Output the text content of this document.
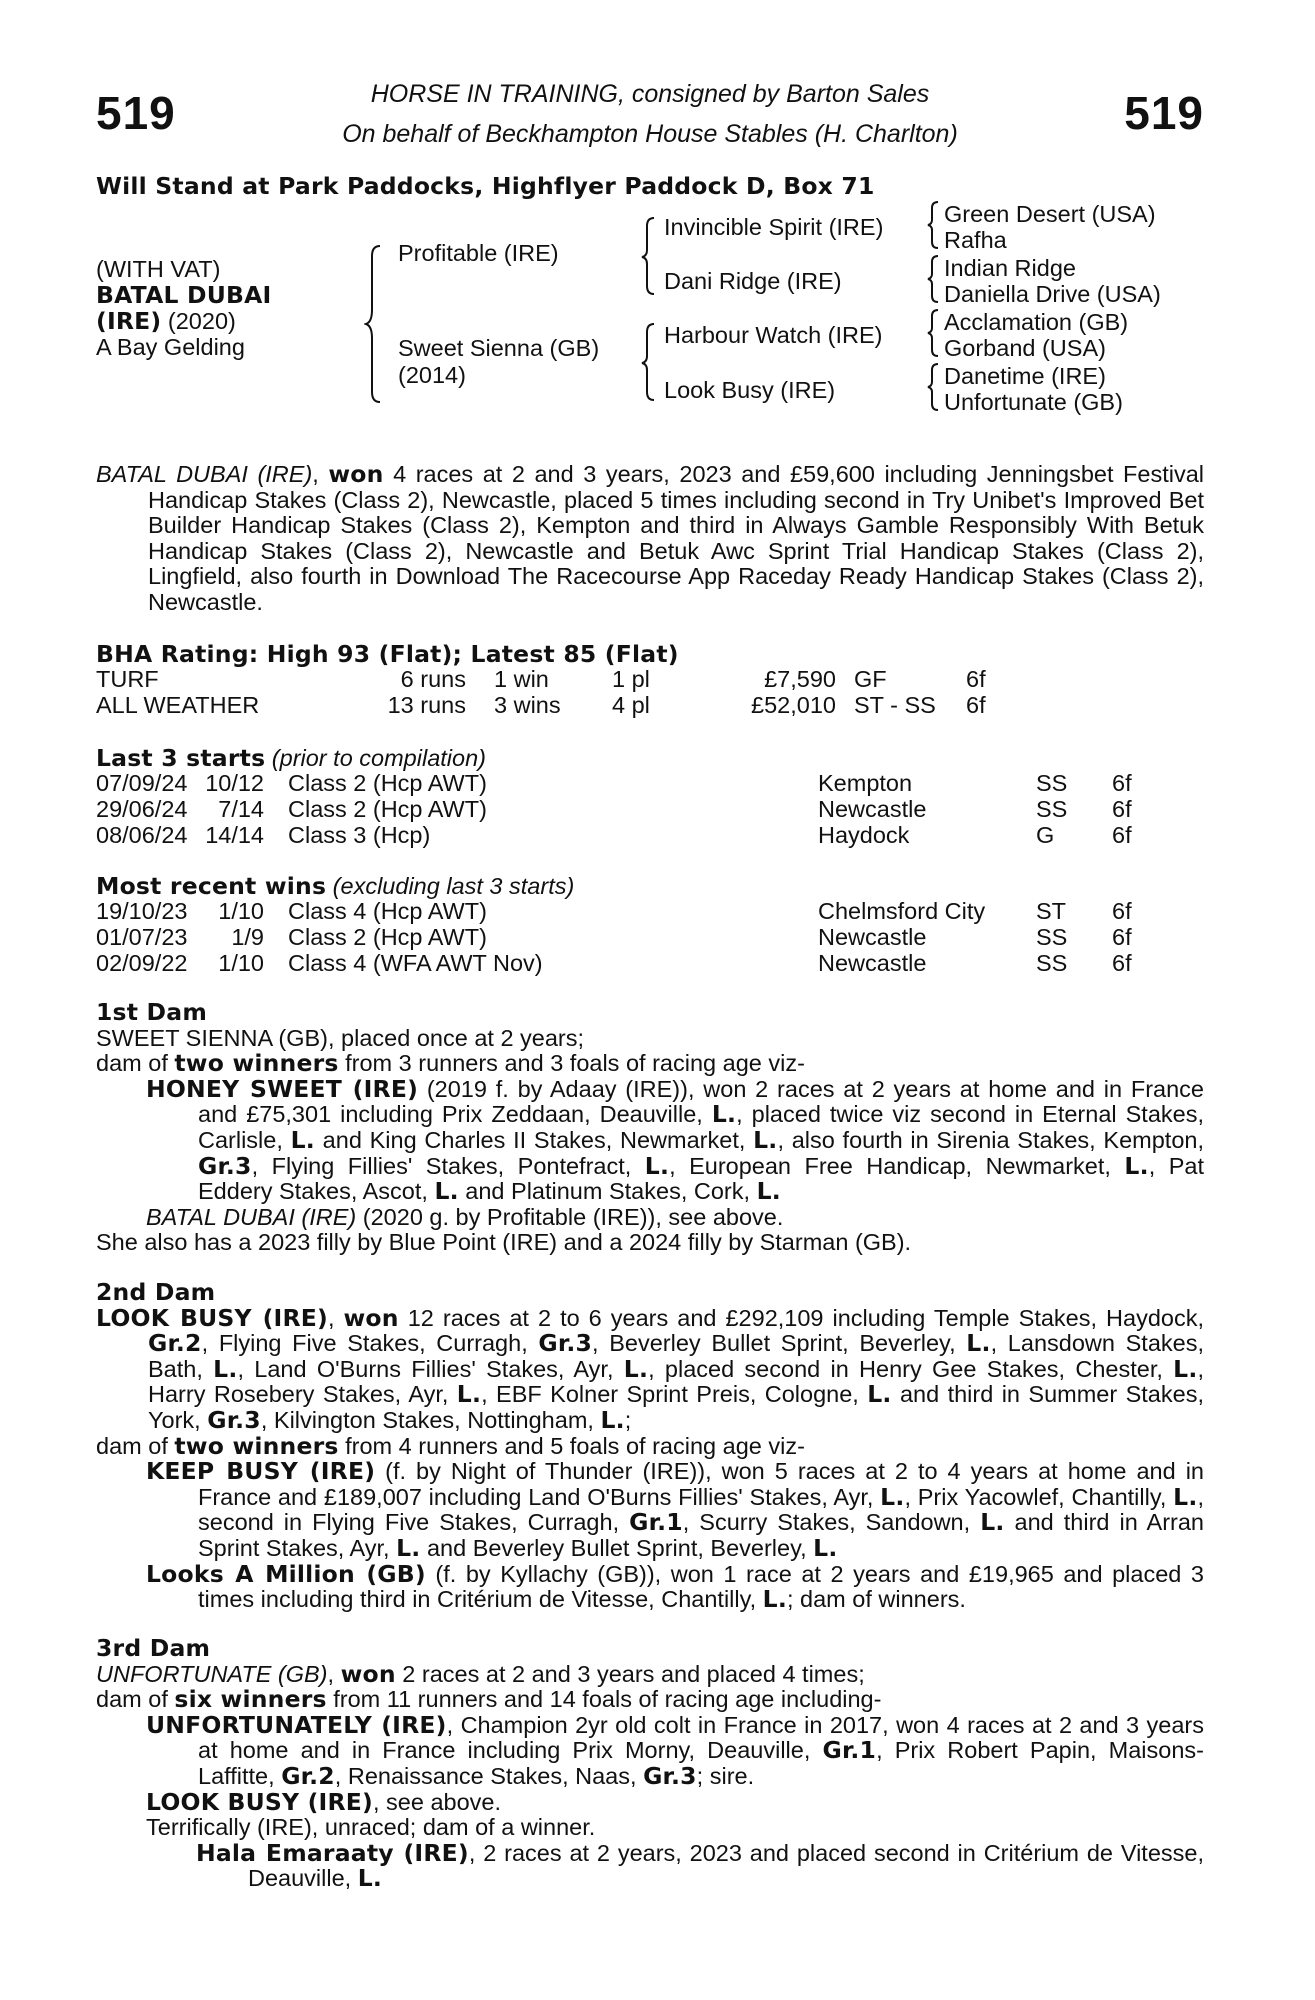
519	519
HORSE IN TRAINING, consigned by Barton Sales
On behalf of Beckhampton House Stables (H. Charlton)
Will Stand at Park Paddocks, Highflyer Paddock D, Box 71
(WITH VAT)
BATAL DUBAI
(IRE) (2020)
A Bay Gelding
Profitable (IRE)
Sweet Sienna (GB)
(2014)
Invincible Spirit (IRE)
Dani Ridge (IRE)
Harbour Watch (IRE)
Look Busy (IRE)
Green Desert (USA)
Rafha
Indian Ridge
Daniella Drive (USA)
Acclamation (GB)
Gorband (USA)
Danetime (IRE)
Unfortunate (GB)
BATAL DUBAI (IRE), won 4 races at 2 and 3 years, 2023 and £59,600 including Jenningsbet Festival Handicap Stakes (Class 2), Newcastle, placed 5 times including second in Try Unibet's Improved Bet Builder Handicap Stakes (Class 2), Kempton and third in Always Gamble Responsibly With Betuk Handicap Stakes (Class 2), Newcastle and Betuk Awc Sprint Trial Handicap Stakes (Class 2), Lingfield, also fourth in Download The Racecourse App Raceday Ready Handicap Stakes (Class 2), Newcastle.
BHA Rating: High 93 (Flat); Latest 85 (Flat)
TURF	6 runs 1 win	1 pl	£7,590 GF	6f
ALL WEATHER	13 runs 3 wins 4 pl	£52,010 ST - SS 6f
Last 3 starts (prior to compilation)
07/09/24 10/12 Class 2 (Hcp AWT)	Kempton	SS 6f
29/06/24	7/14 Class 2 (Hcp AWT)	Newcastle	SS 6f
08/06/24 14/14 Class 3 (Hcp)	Haydock	G 6f
Most recent wins (excluding last 3 starts)
19/10/23	1/10 Class 4 (Hcp AWT)	Chelmsford City ST 6f
01/07/23	1/9 Class 2 (Hcp AWT)	Newcastle	SS 6f
02/09/22	1/10 Class 4 (WFA AWT Nov)	Newcastle	SS 6f
1st Dam
SWEET SIENNA (GB), placed once at 2 years;
dam of two winners from 3 runners and 3 foals of racing age viz-
HONEY SWEET (IRE) (2019 f. by Adaay (IRE)), won 2 races at 2 years at home and in France and £75,301 including Prix Zeddaan, Deauville, L., placed twice viz second in Eternal Stakes, Carlisle, L. and King Charles II Stakes, Newmarket, L., also fourth in Sirenia Stakes, Kempton, Gr.3, Flying Fillies' Stakes, Pontefract, L., European Free Handicap, Newmarket, L., Pat Eddery Stakes, Ascot, L. and Platinum Stakes, Cork, L.
BATAL DUBAI (IRE) (2020 g. by Profitable (IRE)), see above.
She also has a 2023 filly by Blue Point (IRE) and a 2024 filly by Starman (GB).
2nd Dam
LOOK BUSY (IRE), won 12 races at 2 to 6 years and £292,109 including Temple Stakes, Haydock, Gr.2, Flying Five Stakes, Curragh, Gr.3, Beverley Bullet Sprint, Beverley, L., Lansdown Stakes, Bath, L., Land O'Burns Fillies' Stakes, Ayr, L., placed second in Henry Gee Stakes, Chester, L., Harry Rosebery Stakes, Ayr, L., EBF Kolner Sprint Preis, Cologne, L. and third in Summer Stakes, York, Gr.3, Kilvington Stakes, Nottingham, L.;
dam of two winners from 4 runners and 5 foals of racing age viz-
KEEP BUSY (IRE) (f. by Night of Thunder (IRE)), won 5 races at 2 to 4 years at home and in France and £189,007 including Land O'Burns Fillies' Stakes, Ayr, L., Prix Yacowlef, Chantilly, L., second in Flying Five Stakes, Curragh, Gr.1, Scurry Stakes, Sandown, L. and third in Arran Sprint Stakes, Ayr, L. and Beverley Bullet Sprint, Beverley, L.
Looks A Million (GB) (f. by Kyllachy (GB)), won 1 race at 2 years and £19,965 and placed 3 times including third in Critérium de Vitesse, Chantilly, L.; dam of winners.
3rd Dam
UNFORTUNATE (GB), won 2 races at 2 and 3 years and placed 4 times;
dam of six winners from 11 runners and 14 foals of racing age including-
UNFORTUNATELY (IRE), Champion 2yr old colt in France in 2017, won 4 races at 2 and 3 years at home and in France including Prix Morny, Deauville, Gr.1, Prix Robert Papin, Maisons-Laffitte, Gr.2, Renaissance Stakes, Naas, Gr.3; sire.
LOOK BUSY (IRE), see above.
Terrifically (IRE), unraced; dam of a winner.
Hala Emaraaty (IRE), 2 races at 2 years, 2023 and placed second in Critérium de Vitesse, Deauville, L.
